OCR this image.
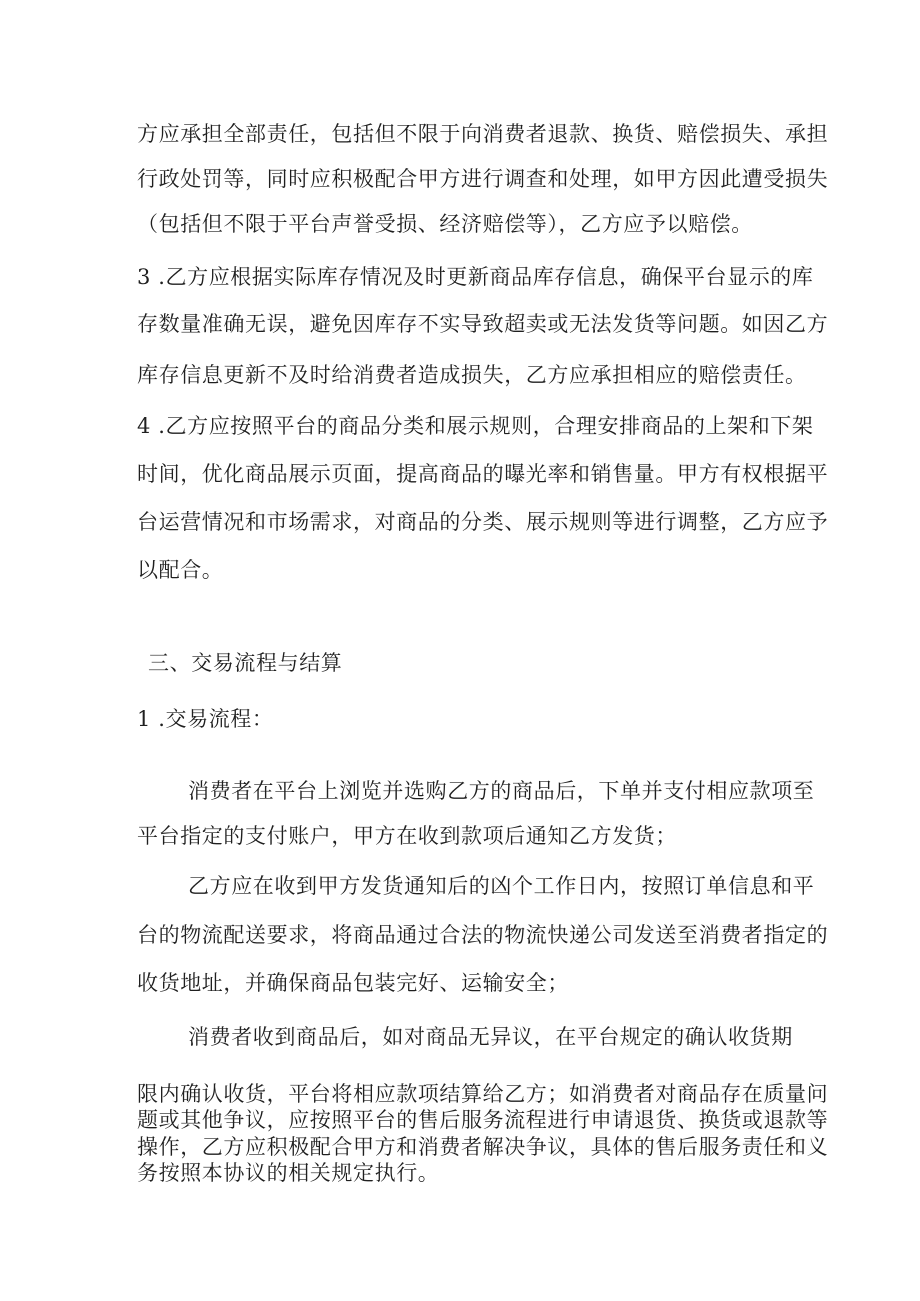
方应承担全部责任，包括但不限于向消费者退款、换货、赔偿损失、承担
行政处罚等，同时应积极配合甲方进行调查和处理，如甲方因此遭受损失
（包括但不限于平台声誉受损、经济赔偿等），乙方应予以赔偿。
3 .乙方应根据实际库存情况及时更新商品库存信息，确保平台显示的库
存数量准确无误，避免因库存不实导致超卖或无法发货等问题。如因乙方
库存信息更新不及时给消费者造成损失，乙方应承担相应的赔偿责任。
4 .乙方应按照平台的商品分类和展示规则，合理安排商品的上架和下架
时间，优化商品展示页面，提高商品的曝光率和销售量。甲方有权根据平
台运营情况和市场需求，对商品的分类、展示规则等进行调整，乙方应予
以配合。
三、交易流程与结算
1 .交易流程：
消费者在平台上浏览并选购乙方的商品后，下单并支付相应款项至
平台指定的支付账户，甲方在收到款项后通知乙方发货；
乙方应在收到甲方发货通知后的凶个工作日内，按照订单信息和平
台的物流配送要求，将商品通过合法的物流快递公司发送至消费者指定的
收货地址，并确保商品包装完好、运输安全；
消费者收到商品后，如对商品无异议，在平台规定的确认收货期
限内确认收货，平台将相应款项结算给乙方；如消费者对商品存在质量问
题或其他争议，应按照平台的售后服务流程进行申请退货、换货或退款等
操作，乙方应积极配合甲方和消费者解决争议，具体的售后服务责任和义
务按照本协议的相关规定执行。
